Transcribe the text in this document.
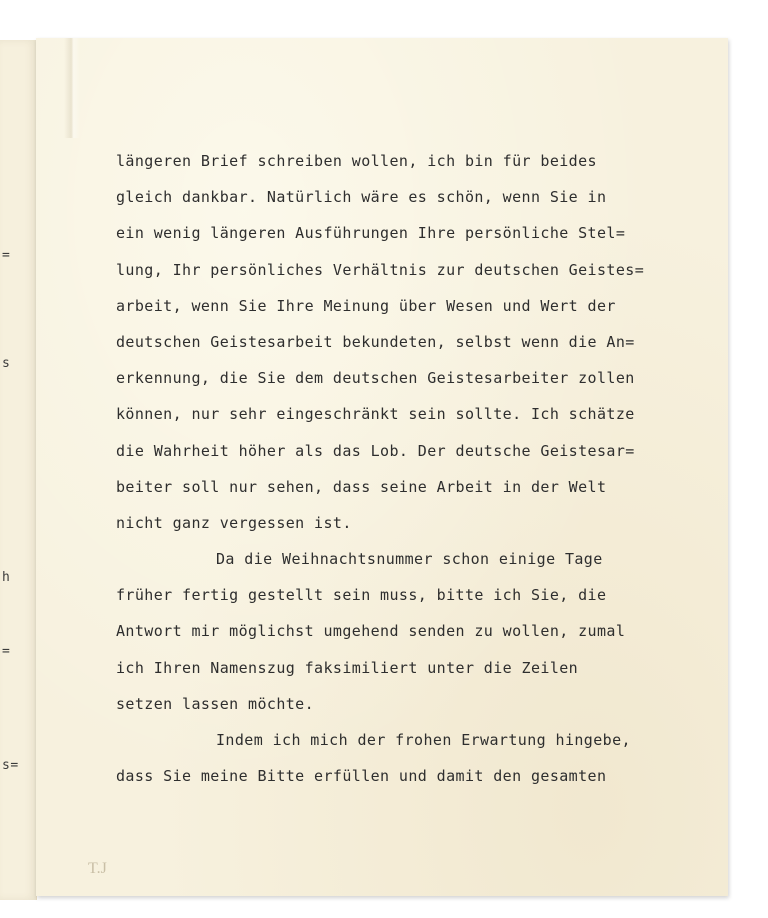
=
s
h
=
s=
längeren Brief schreiben wollen, ich bin für beides
gleich dankbar. Natürlich wäre es schön, wenn Sie in
ein wenig längeren Ausführungen Ihre persönliche Stel=
lung, Ihr persönliches Verhältnis zur deutschen Geistes=
arbeit, wenn Sie Ihre Meinung über Wesen und Wert der
deutschen Geistesarbeit bekundeten, selbst wenn die An=
erkennung, die Sie dem deutschen Geistesarbeiter zollen
können, nur sehr eingeschränkt sein sollte. Ich schätze
die Wahrheit höher als das Lob. Der deutsche Geistesar=
beiter soll nur sehen, dass seine Arbeit in der Welt
nicht ganz vergessen ist.
Da die Weihnachtsnummer schon einige Tage
früher fertig gestellt sein muss, bitte ich Sie, die
Antwort mir möglichst umgehend senden zu wollen, zumal
ich Ihren Namenszug faksimiliert unter die Zeilen
setzen lassen möchte.
Indem ich mich der frohen Erwartung hingebe,
dass Sie meine Bitte erfüllen und damit den gesamten
T.J
